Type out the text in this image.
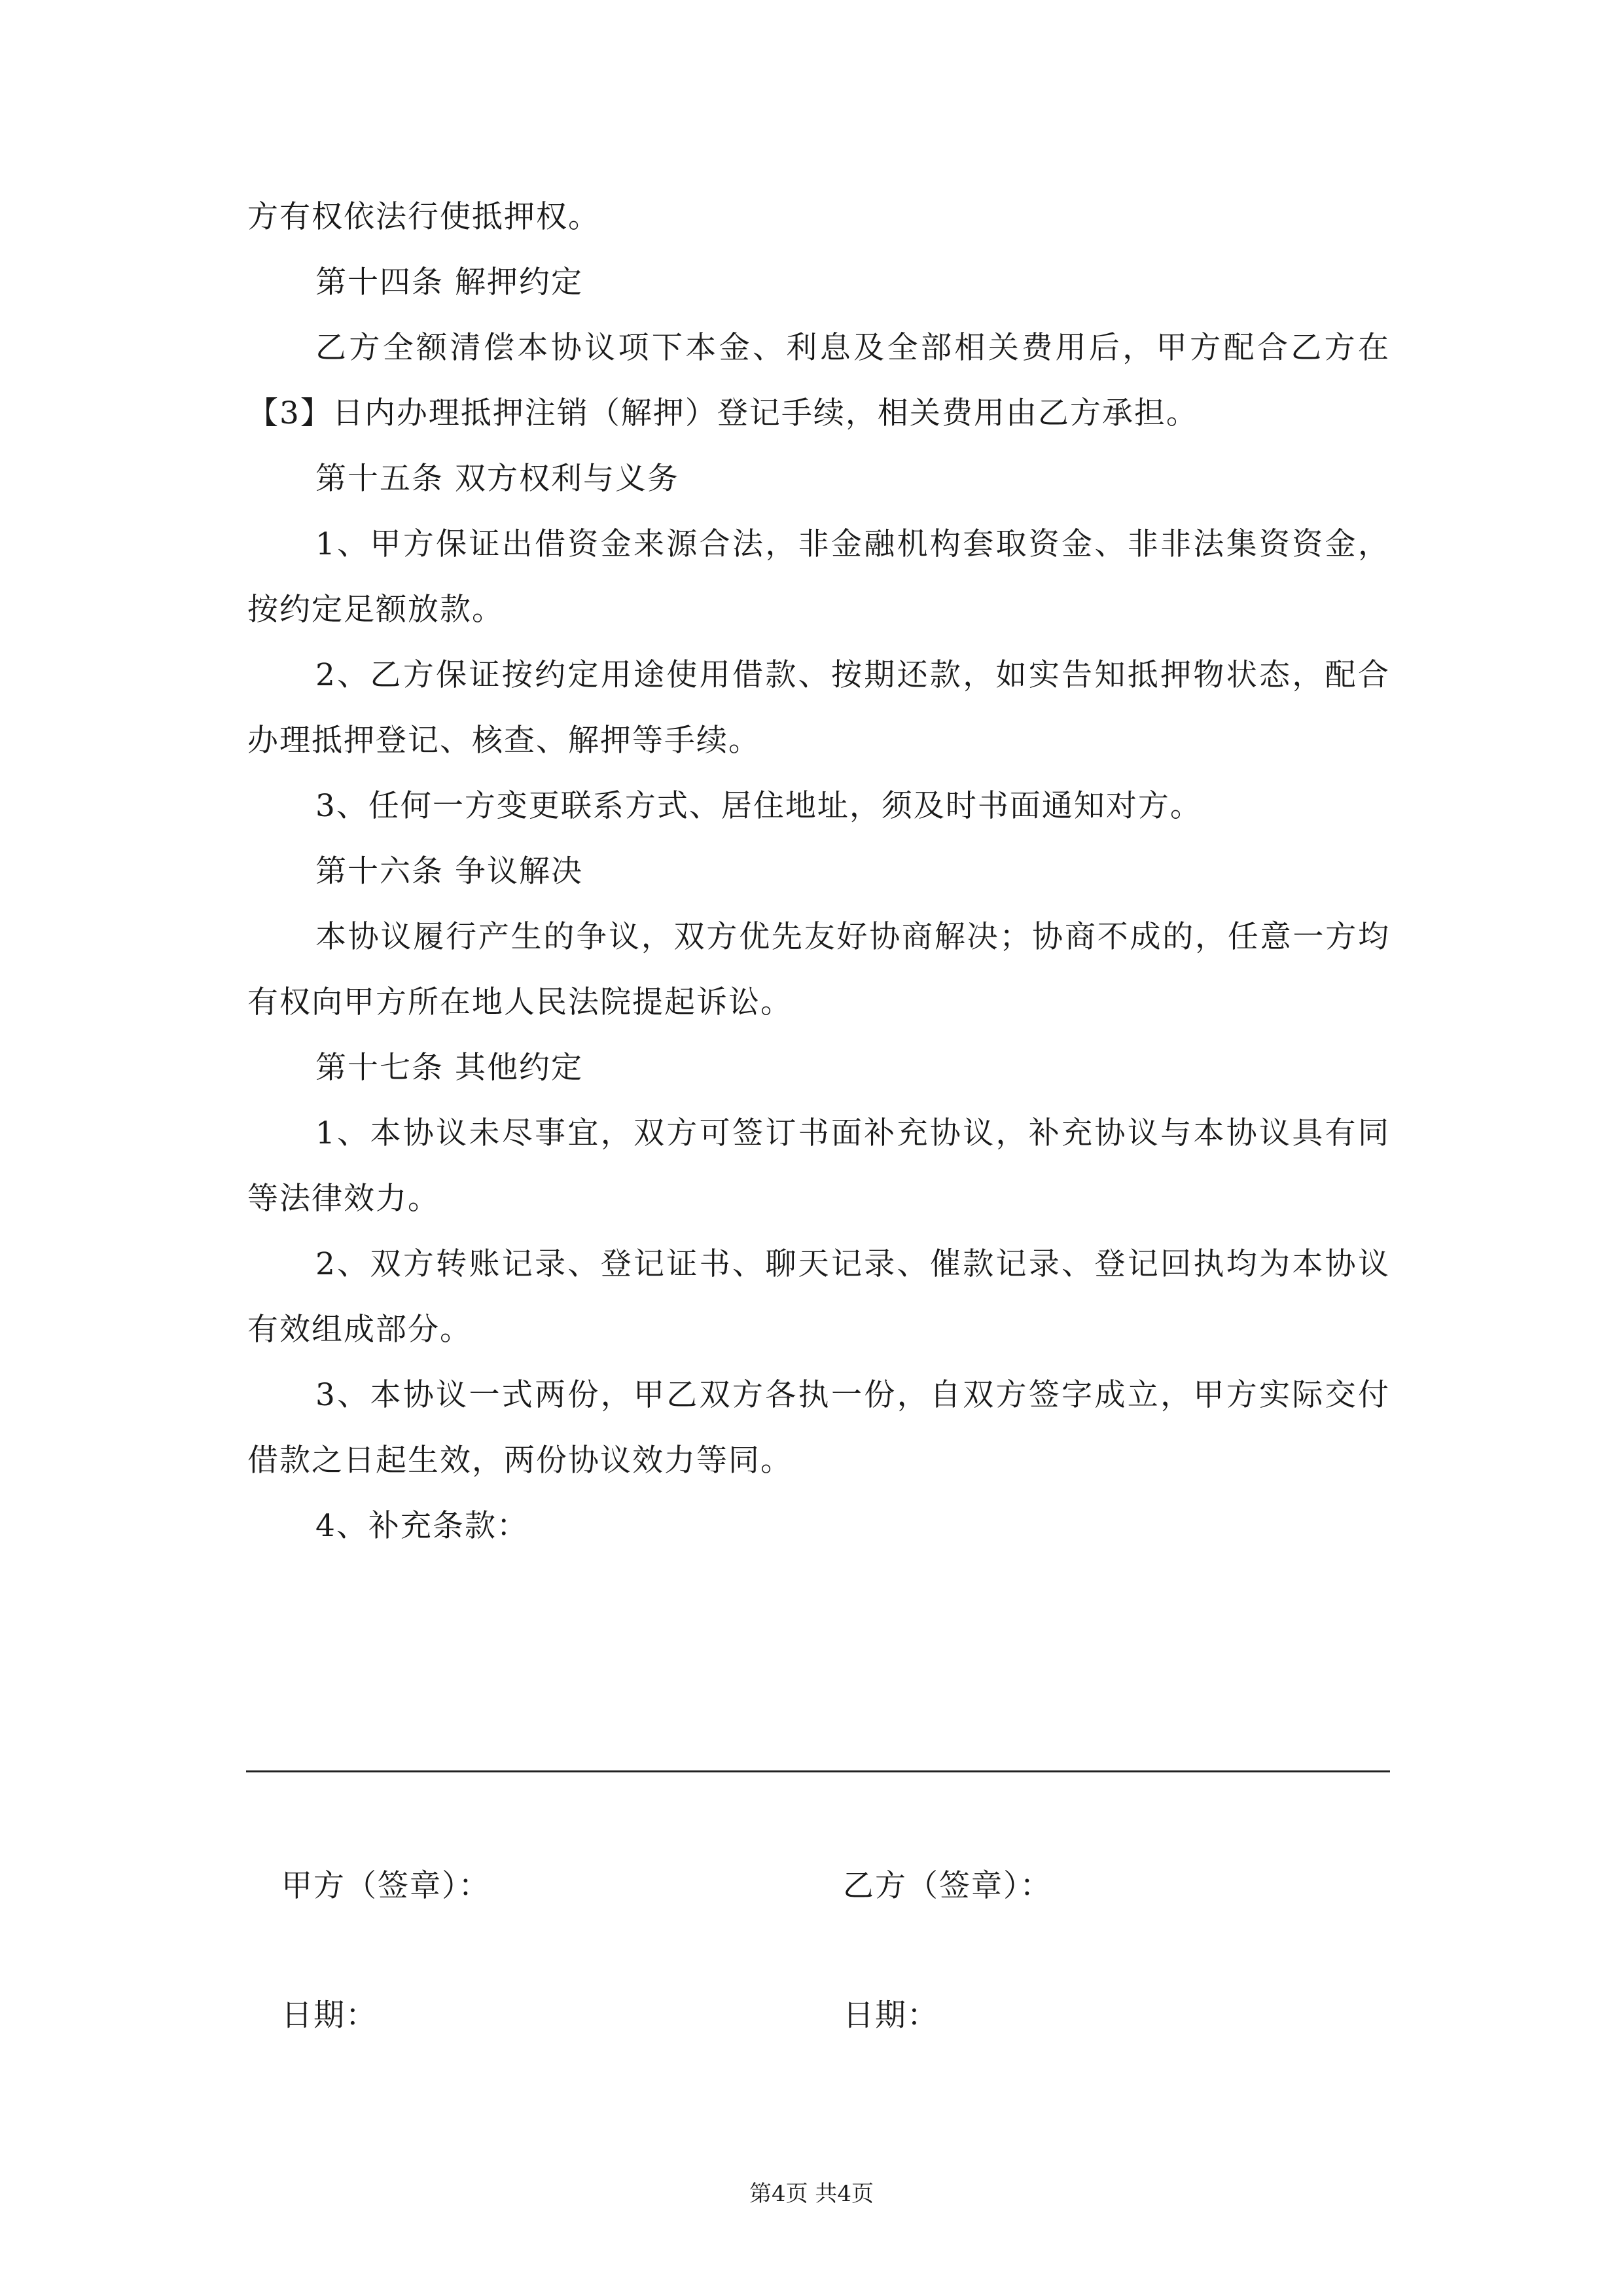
方有权依法行使抵押权。

第十四条 解押约定

乙方全额清偿本协议项下本金、利息及全部相关费用后，甲方配合乙方在【3】日内办理抵押注销（解押）登记手续，相关费用由乙方承担。

第十五条 双方权利与义务

1、甲方保证出借资金来源合法，非金融机构套取资金、非非法集资资金，按约定足额放款。

2、乙方保证按约定用途使用借款、按期还款，如实告知抵押物状态，配合办理抵押登记、核查、解押等手续。

3、任何一方变更联系方式、居住地址，须及时书面通知对方。

第十六条 争议解决

本协议履行产生的争议，双方优先友好协商解决；协商不成的，任意一方均有权向甲方所在地人民法院提起诉讼。

第十七条 其他约定

1、本协议未尽事宜，双方可签订书面补充协议，补充协议与本协议具有同等法律效力。

2、双方转账记录、登记证书、聊天记录、催款记录、登记回执均为本协议有效组成部分。

3、本协议一式两份，甲乙双方各执一份，自双方签字成立，甲方实际交付借款之日起生效，两份协议效力等同。

4、补充条款：

甲方（签章）：	乙方（签章）：
日期：	日期：
第4页 共4页
